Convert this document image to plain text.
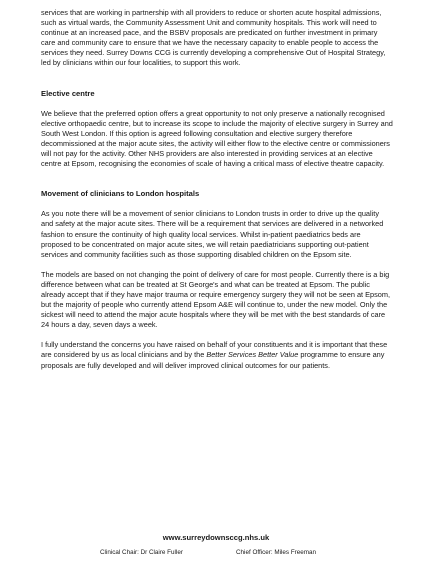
services that are working in partnership with all providers to reduce or shorten acute hospital admissions, such as virtual wards, the Community Assessment Unit and community hospitals. This work will need to continue at an increased pace, and the BSBV proposals are predicated on further investment in primary care and community care to ensure that we have the necessary capacity to enable people to access the services they need. Surrey Downs CCG is currently developing a comprehensive Out of Hospital Strategy, led by clinicians within our four localities, to support this work.

Elective centre

We believe that the preferred option offers a great opportunity to not only preserve a nationally recognised elective orthopaedic centre, but to increase its scope to include the majority of elective surgery in Surrey and South West London. If this option is agreed following consultation and elective surgery therefore decommissioned at the major acute sites, the activity will either flow to the elective centre or commissioners will not pay for the activity. Other NHS providers are also interested in providing services at an elective centre at Epsom, recognising the economies of scale of having a critical mass of elective theatre capacity.

Movement of clinicians to London hospitals

As you note there will be a movement of senior clinicians to London trusts in order to drive up the quality and safety at the major acute sites. There will be a requirement that services are delivered in a networked fashion to ensure the continuity of high quality local services. Whilst in-patient paediatrics beds are proposed to be concentrated on major acute sites, we will retain paediatricians supporting out-patient services and community facilities such as those supporting disabled children on the Epsom site.

The models are based on not changing the point of delivery of care for most people. Currently there is a big difference between what can be treated at St George's and what can be treated at Epsom. The public already accept that if they have major trauma or require emergency surgery they will not be seen at Epsom, but the majority of people who currently attend Epsom A&E will continue to, under the new model. Only the sickest will need to attend the major acute hospitals where they will be met with the best standards of care 24 hours a day, seven days a week.

I fully understand the concerns you have raised on behalf of your constituents and it is important that these are considered by us as local clinicians and by the Better Services Better Value programme to ensure any proposals are fully developed and will deliver improved clinical outcomes for our patients.

www.surreydownsccg.nhs.uk
Clinical Chair: Dr Claire Fuller	Chief Officer: Miles Freeman
